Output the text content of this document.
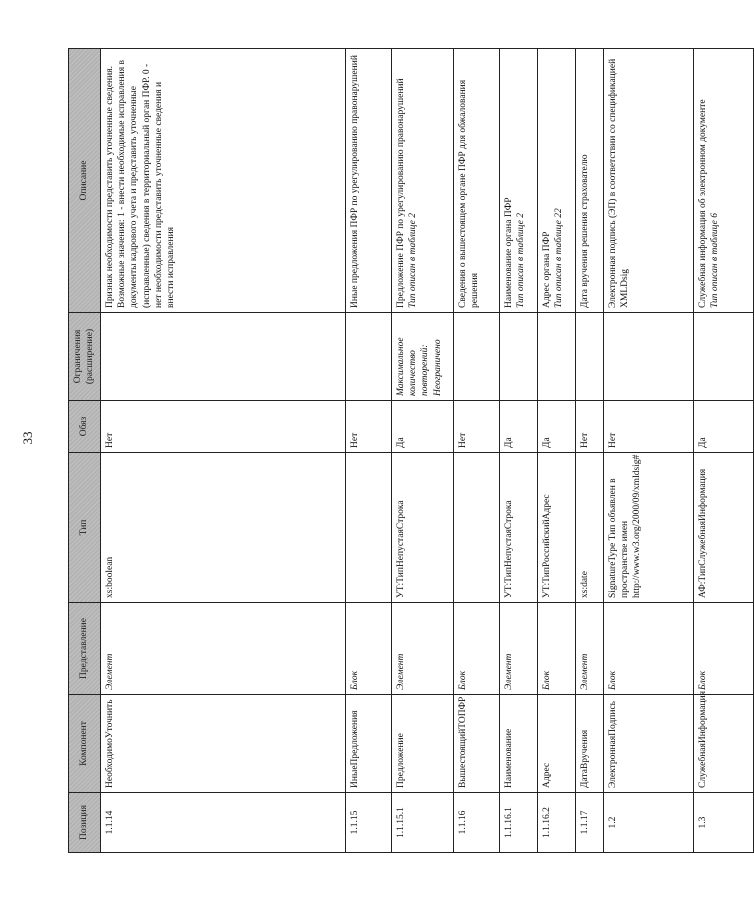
33
Позиция	Компонент	Представление	Тип	Обяз	Ограничения (расширение)	Описание
1.1.14	НеобходимоУточнить	Элемент	xs:boolean	Нет		Признак необходимости представить уточненные сведения. Возможные значения: 1 - внести необходимые исправления в документы кадрового учета и представить уточненные (исправленные) сведения в территориальный орган ПФР. 0 - нет необходимости представить уточненные сведения и внести исправления

1.1.15	ИныеПредложения	Блок		Нет		Иные предложения ПФР по урегулированию правонарушений

1.1.15.1	Предложение	Элемент	УТ:ТипНепустаяСтрока	Да	Максимальное количество повторений: Неограничено	Предложение ПФР по урегулированию правонарушений Тип описан в таблице 2

1.1.16	ВышестоящийТОПФР	Блок		Нет		Сведения о вышестоящем органе ПФР для обжалования решения

1.1.16.1	Наименование	Элемент	УТ:ТипНепустаяСтрока	Да		Наименование органа ПФР Тип описан в таблице 2

1.1.16.2	Адрес	Блок	УТ:ТипРоссийскийАдрес	Да		Адрес органа ПФР Тип описан в таблице 22

1.1.17	ДатаВручения	Элемент	xs:date	Нет		Дата вручения решения страхователю

1.2	ЭлектроннаяПодпись	Блок	SignatureType Тип объявлен в пространстве имен http://www.w3.org/2000/09/xmldsig#	Нет		Электронная подпись (ЭП) в соответствии со спецификацией XMLDsig

1.3	СлужебнаяИнформация	Блок	АФ:ТипСлужебнаяИнформация	Да		Служебная информация об электронном документе Тип описан в таблице 6
